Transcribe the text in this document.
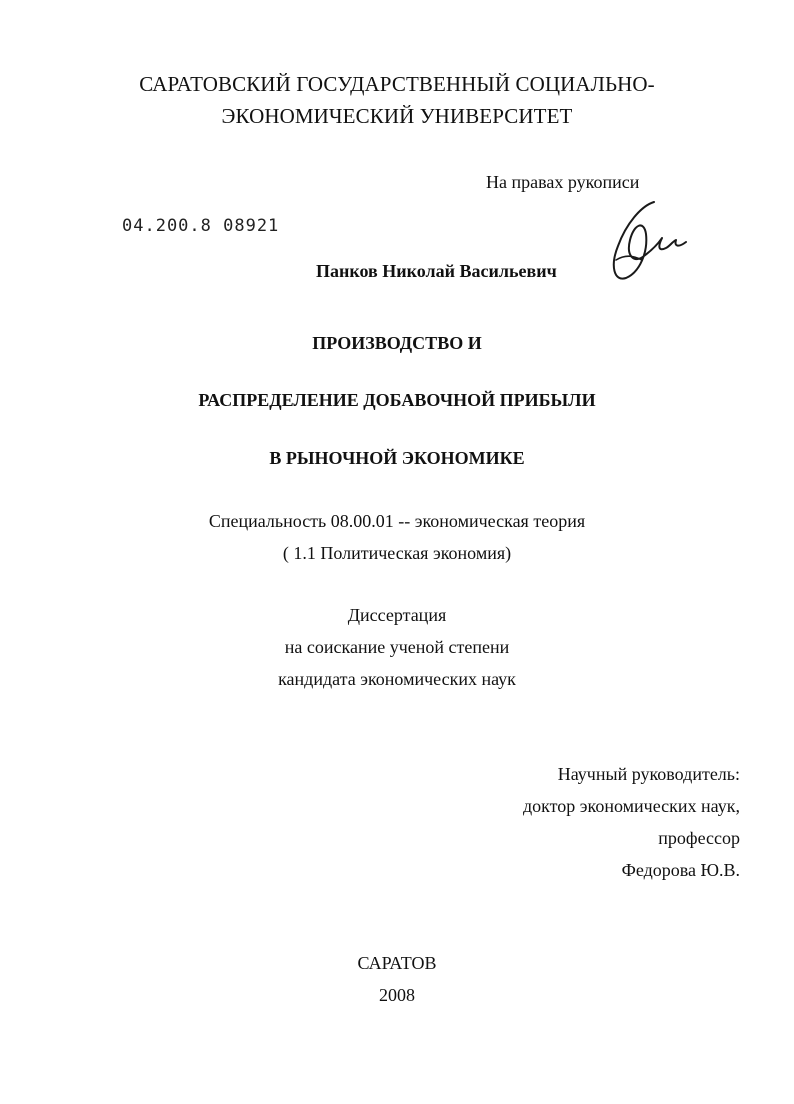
САРАТОВСКИЙ ГОСУДАРСТВЕННЫЙ СОЦИАЛЬНО-
ЭКОНОМИЧЕСКИЙ УНИВЕРСИТЕТ
На правах рукописи
04.200.8 08921
Панков Николай Васильевич
ПРОИЗВОДСТВО И
РАСПРЕДЕЛЕНИЕ ДОБАВОЧНОЙ ПРИБЫЛИ
В РЫНОЧНОЙ ЭКОНОМИКЕ
Специальность 08.00.01 -- экономическая теория
( 1.1 Политическая экономия)
Диссертация
на соискание ученой степени
кандидата экономических наук
Научный руководитель:
доктор экономических наук,
профессор
Федорова Ю.В.
САРАТОВ
2008
